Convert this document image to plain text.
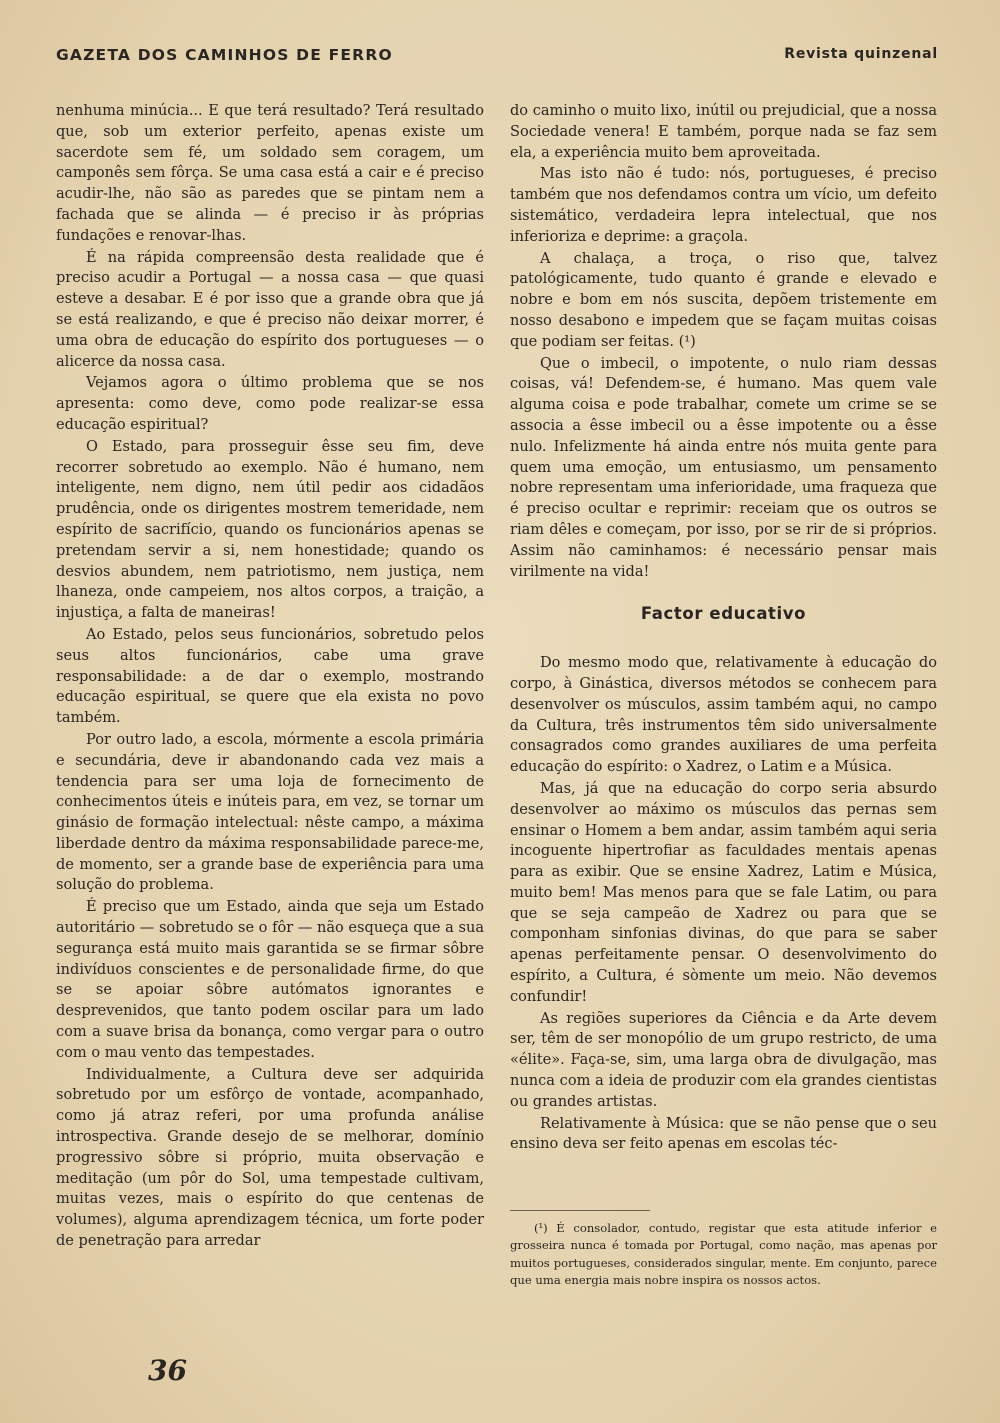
GAZETA DOS CAMINHOS DE FERRO	Revista quinzenal

nenhuma minúcia... E que terá resultado? Terá resultado que, sob um exterior perfeito, apenas existe um sacerdote sem fé, um soldado sem coragem, um camponês sem fôrça. Se uma casa está a cair e é preciso acudir-lhe, não são as paredes que se pintam nem a fachada que se alinda — é preciso ir às próprias fundações e renovar-lhas.

É na rápida compreensão desta realidade que é preciso acudir a Portugal — a nossa casa — que quasi esteve a desabar. E é por isso que a grande obra que já se está realizando, e que é preciso não deixar morrer, é uma obra de educação do espírito dos portugueses — o alicerce da nossa casa.

Vejamos agora o último problema que se nos apresenta: como deve, como pode realizar-se essa educação espiritual?

O Estado, para prosseguir êsse seu fim, deve recorrer sobretudo ao exemplo. Não é humano, nem inteligente, nem digno, nem útil pedir aos cidadãos prudência, onde os dirigentes mostrem temeridade, nem espírito de sacrifício, quando os funcionários apenas se pretendam servir a si, nem honestidade; quando os desvios abundem, nem patriotismo, nem justiça, nem lhaneza, onde campeiem, nos altos corpos, a traição, a injustiça, a falta de maneiras!

Ao Estado, pelos seus funcionários, sobretudo pelos seus altos funcionários, cabe uma grave responsabilidade: a de dar o exemplo, mostrando educação espiritual, se quere que ela exista no povo também.

Por outro lado, a escola, mórmente a escola primária e secundária, deve ir abandonando cada vez mais a tendencia para ser uma loja de fornecimento de conhecimentos úteis e inúteis para, em vez, se tornar um ginásio de formação intelectual: nêste campo, a máxima liberdade dentro da máxima responsabilidade parece-me, de momento, ser a grande base de experiência para uma solução do problema.

É preciso que um Estado, ainda que seja um Estado autoritário — sobretudo se o fôr — não esqueça que a sua segurança está muito mais garantida se se firmar sôbre indivíduos conscientes e de personalidade firme, do que se se apoiar sôbre autómatos ignorantes e desprevenidos, que tanto podem oscilar para um lado com a suave brisa da bonança, como vergar para o outro com o mau vento das tempestades.

Individualmente, a Cultura deve ser adquirida sobretudo por um esfôrço de vontade, acompanhado, como já atraz referi, por uma profunda análise introspectiva. Grande desejo de se melhorar, domínio progressivo sôbre si próprio, muita observação e meditação (um pôr do Sol, uma tempestade cultivam, muitas vezes, mais o espírito do que centenas de volumes), alguma aprendizagem técnica, um forte poder de penetração para arredar

do caminho o muito lixo, inútil ou prejudicial, que a nossa Sociedade venera! E também, porque nada se faz sem ela, a experiência muito bem aproveitada.

Mas isto não é tudo: nós, portugueses, é preciso também que nos defendamos contra um vício, um defeito sistemático, verdadeira lepra intelectual, que nos inferioriza e deprime: a graçola.

A chalaça, a troça, o riso que, talvez patológicamente, tudo quanto é grande e elevado e nobre e bom em nós suscita, depõem tristemente em nosso desabono e impedem que se façam muitas coisas que podiam ser feitas. (¹)

Que o imbecil, o impotente, o nulo riam dessas coisas, vá! Defendem-se, é humano. Mas quem vale alguma coisa e pode trabalhar, comete um crime se se associa a êsse imbecil ou a êsse impotente ou a êsse nulo. Infelizmente há ainda entre nós muita gente para quem uma emoção, um entusiasmo, um pensamento nobre representam uma inferioridade, uma fraqueza que é preciso ocultar e reprimir: receiam que os outros se riam dêles e começam, por isso, por se rir de si próprios. Assim não caminhamos: é necessário pensar mais virilmente na vida!

Factor educativo

Do mesmo modo que, relativamente à educação do corpo, à Ginástica, diversos métodos se conhecem para desenvolver os músculos, assim também aqui, no campo da Cultura, três instrumentos têm sido universalmente consagrados como grandes auxiliares de uma perfeita educação do espírito: o Xadrez, o Latim e a Música.

Mas, já que na educação do corpo seria absurdo desenvolver ao máximo os músculos das pernas sem ensinar o Homem a bem andar, assim também aqui seria incoguente hipertrofiar as faculdades mentais apenas para as exibir. Que se ensine Xadrez, Latim e Música, muito bem! Mas menos para que se fale Latim, ou para que se seja campeão de Xadrez ou para que se componham sinfonias divinas, do que para se saber apenas perfeitamente pensar. O desenvolvimento do espírito, a Cultura, é sòmente um meio. Não devemos confundir!

As regiões superiores da Ciência e da Arte devem ser, têm de ser monopólio de um grupo restricto, de uma «élite». Faça-se, sim, uma larga obra de divulgação, mas nunca com a ideia de produzir com ela grandes cientistas ou grandes artistas.

Relativamente à Música: que se não pense que o seu ensino deva ser feito apenas em escolas téc-

(¹) É consolador, contudo, registar que esta atitude inferior e grosseira nunca é tomada por Portugal, como nação, mas apenas por muitos portugueses, considerados singular, mente. Em conjunto, parece que uma energia mais nobre inspira os nossos actos.

36
